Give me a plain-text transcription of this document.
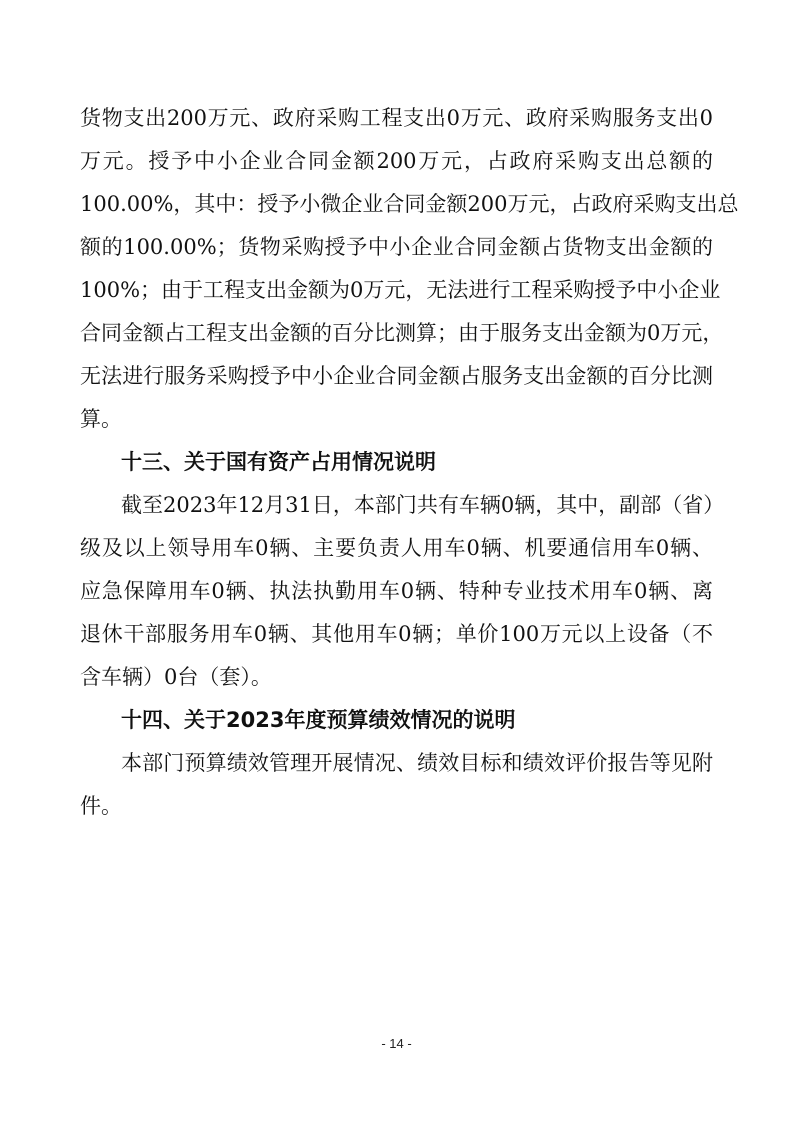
货物支出200万元、政府采购工程支出0万元、政府采购服务支出0
万元。授予中小企业合同金额200万元，占政府采购支出总额的
100.00%，其中：授予小微企业合同金额200万元，占政府采购支出总
额的100.00%；货物采购授予中小企业合同金额占货物支出金额的
100%；由于工程支出金额为0万元，无法进行工程采购授予中小企业
合同金额占工程支出金额的百分比测算；由于服务支出金额为0万元，
无法进行服务采购授予中小企业合同金额占服务支出金额的百分比测
算。
十三、关于国有资产占用情况说明
截至2023年12月31日，本部门共有车辆0辆，其中，副部（省）
级及以上领导用车0辆、主要负责人用车0辆、机要通信用车0辆、
应急保障用车0辆、执法执勤用车0辆、特种专业技术用车0辆、离
退休干部服务用车0辆、其他用车0辆；单价100万元以上设备（不
含车辆）0台（套）。
十四、关于2023年度预算绩效情况的说明
本部门预算绩效管理开展情况、绩效目标和绩效评价报告等见附
件。
- 14 -
